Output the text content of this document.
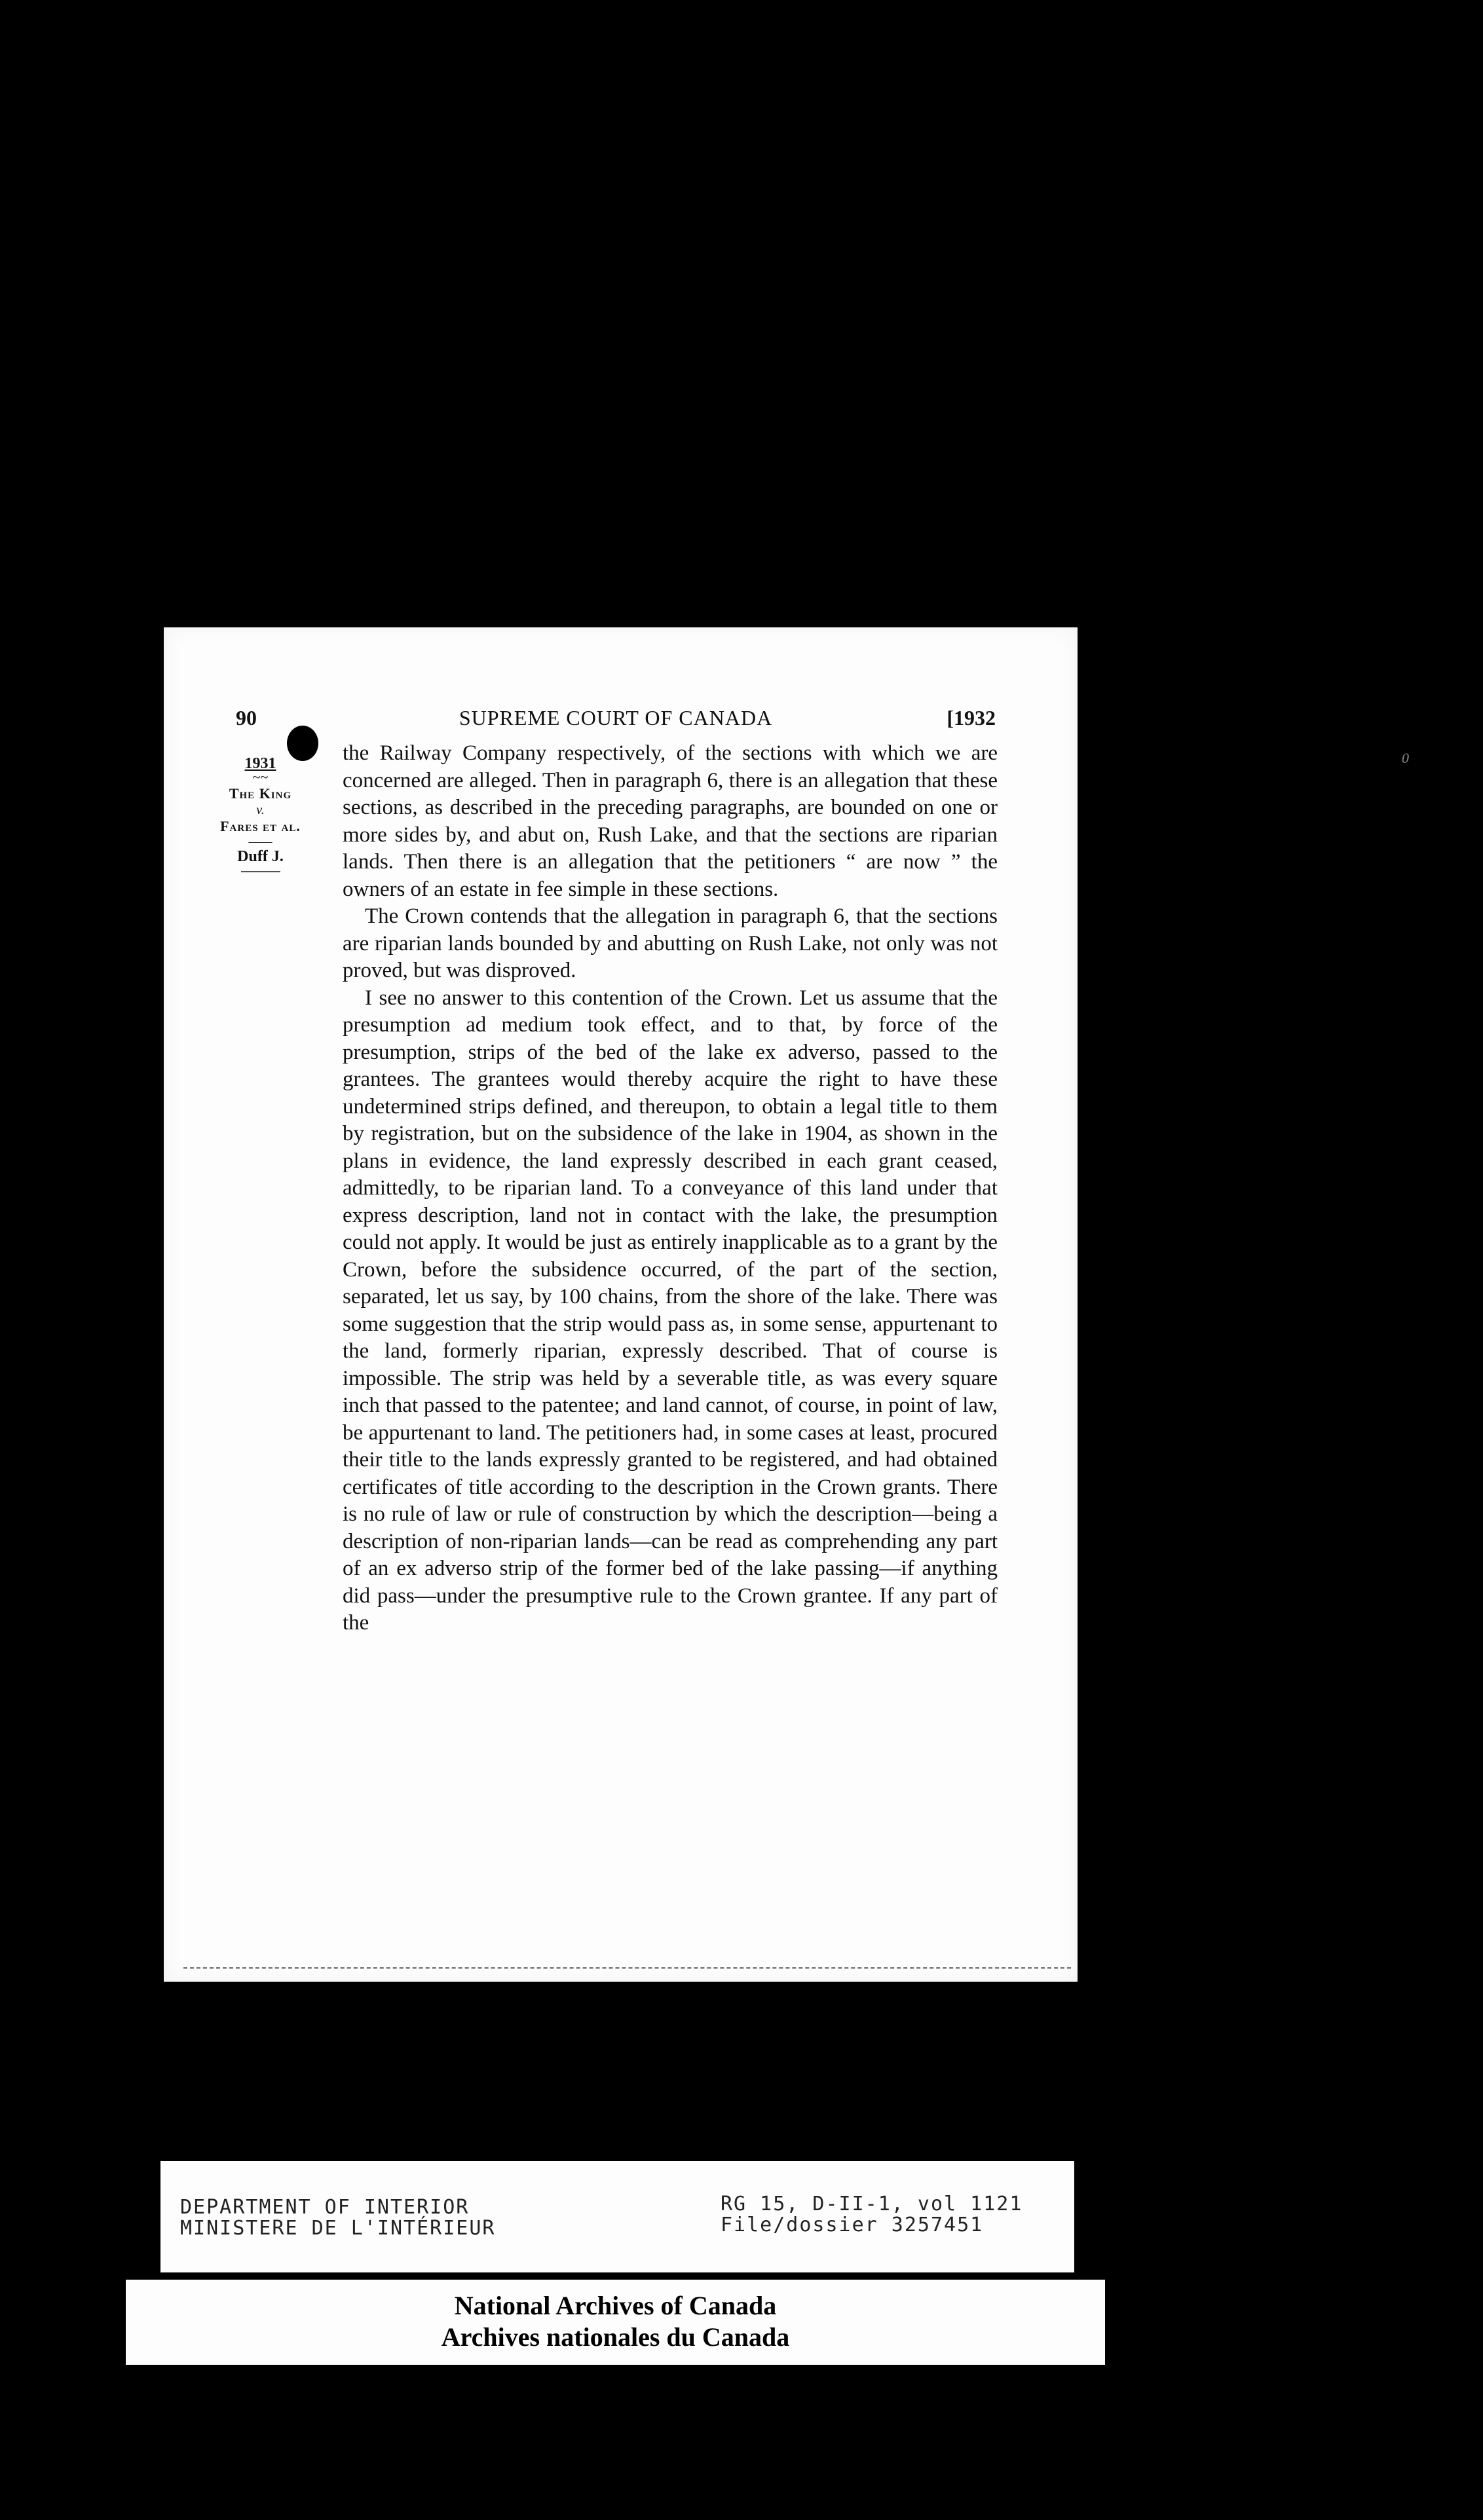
90	SUPREME COURT OF CANADA	[1932
1931
~~
The King
v.
Fares et al.
——
Duff J.

the Railway Company respectively, of the sections with which we are concerned are alleged. Then in paragraph 6, there is an allegation that these sections, as described in the preceding paragraphs, are bounded on one or more sides by, and abut on, Rush Lake, and that the sections are riparian lands. Then there is an allegation that the petitioners “ are now ” the owners of an estate in fee simple in these sections.

The Crown contends that the allegation in paragraph 6, that the sections are riparian lands bounded by and abutting on Rush Lake, not only was not proved, but was disproved.

I see no answer to this contention of the Crown. Let us assume that the presumption ad medium took effect, and to that, by force of the presumption, strips of the bed of the lake ex adverso, passed to the grantees. The grantees would thereby acquire the right to have these undetermined strips defined, and thereupon, to obtain a legal title to them by registration, but on the subsidence of the lake in 1904, as shown in the plans in evidence, the land expressly described in each grant ceased, admittedly, to be riparian land. To a conveyance of this land under that express description, land not in contact with the lake, the presumption could not apply. It would be just as entirely inapplicable as to a grant by the Crown, before the subsidence occurred, of the part of the section, separated, let us say, by 100 chains, from the shore of the lake. There was some suggestion that the strip would pass as, in some sense, appurtenant to the land, formerly riparian, expressly described. That of course is impossible. The strip was held by a severable title, as was every square inch that passed to the patentee; and land cannot, of course, in point of law, be appurtenant to land. The petitioners had, in some cases at least, procured their title to the lands expressly granted to be registered, and had obtained certificates of title according to the description in the Crown grants. There is no rule of law or rule of construction by which the description—being a description of non-riparian lands—can be read as comprehending any part of an ex adverso strip of the former bed of the lake passing—if anything did pass—under the presumptive rule to the Crown grantee. If any part of the

0
DEPARTMENT OF INTERIOR
MINISTERE DE L'INTÉRIEUR
RG 15, D-II-1, vol 1121
File/dossier 3257451
National Archives of Canada
Archives nationales du Canada
